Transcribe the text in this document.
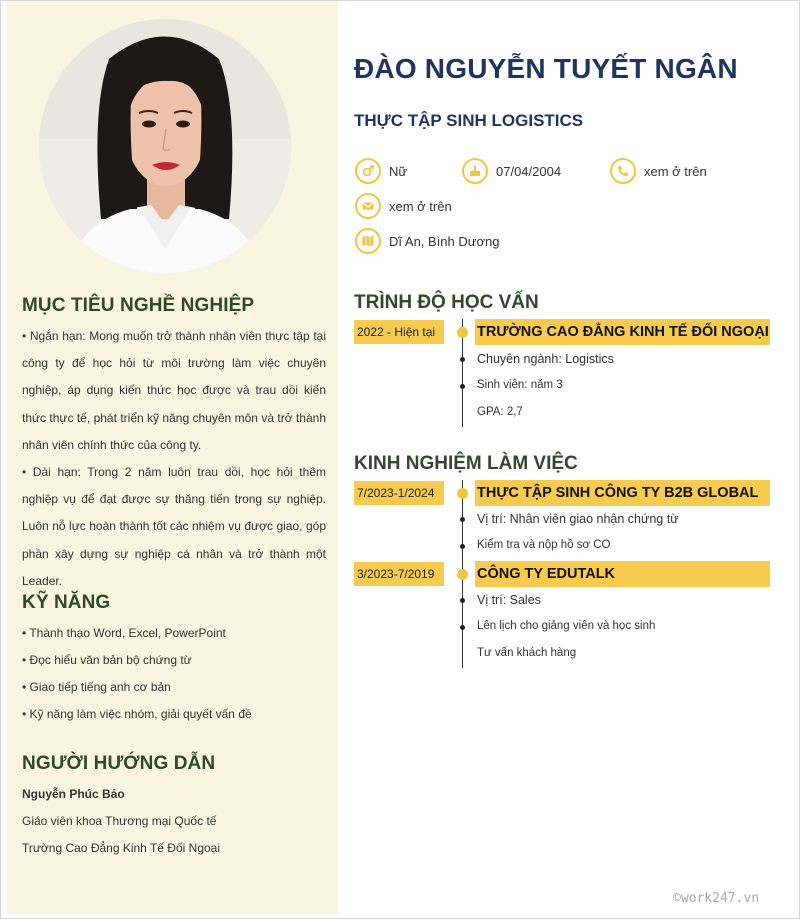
MỤC TIÊU NGHỀ NGHIỆP

• Ngắn hạn: Mong muốn trở thành nhân viên thực tập tại công ty để học hỏi từ môi trường làm việc chuyên nghiệp, áp dụng kiến thức học được và trau dồi kiến thức thực tế, phát triển kỹ năng chuyên môn và trở thành nhân viên chính thức của công ty.

• Dài hạn: Trong 2 năm luôn trau dồi, học hỏi thêm nghiệp vụ để đạt được sự thăng tiến trong sự nghiệp. Luôn nỗ lực hoàn thành tốt các nhiệm vụ được giao, góp phần xây dựng sự nghiệp cá nhân và trở thành một Leader.

KỸ NĂNG
• Thành thạo Word, Excel, PowerPoint
• Đọc hiểu văn bản bộ chứng từ
• Giao tiếp tiếng anh cơ bản
• Kỹ năng làm việc nhóm, giải quyết vấn đề
NGƯỜI HƯỚNG DẪN
Nguyễn Phúc Bảo
Giáo viên khoa Thương mại Quốc tế
Trường Cao Đẳng Kinh Tế Đối Ngoại
ĐÀO NGUYỄN TUYẾT NGÂN
THỰC TẬP SINH LOGISTICS
Nữ	07/04/2004	xem ở trên
xem ở trên
Dĩ An, Bình Dương
TRÌNH ĐỘ HỌC VẤN
2022 - Hiện tại	TRƯỜNG CAO ĐẲNG KINH TẾ ĐỐI NGOẠI
Chuyên ngành: Logistics
Sinh viên: năm 3
GPA: 2,7
KINH NGHIỆM LÀM VIỆC
7/2023-1/2024	THỰC TẬP SINH CÔNG TY B2B GLOBAL
Vị trí: Nhân viên giao nhận chứng từ
Kiểm tra và nộp hồ sơ CO
3/2023-7/2019	CÔNG TY EDUTALK
Vị trí: Sales
Lên lịch cho giảng viên và học sinh
Tư vấn khách hàng
©work247.vn
